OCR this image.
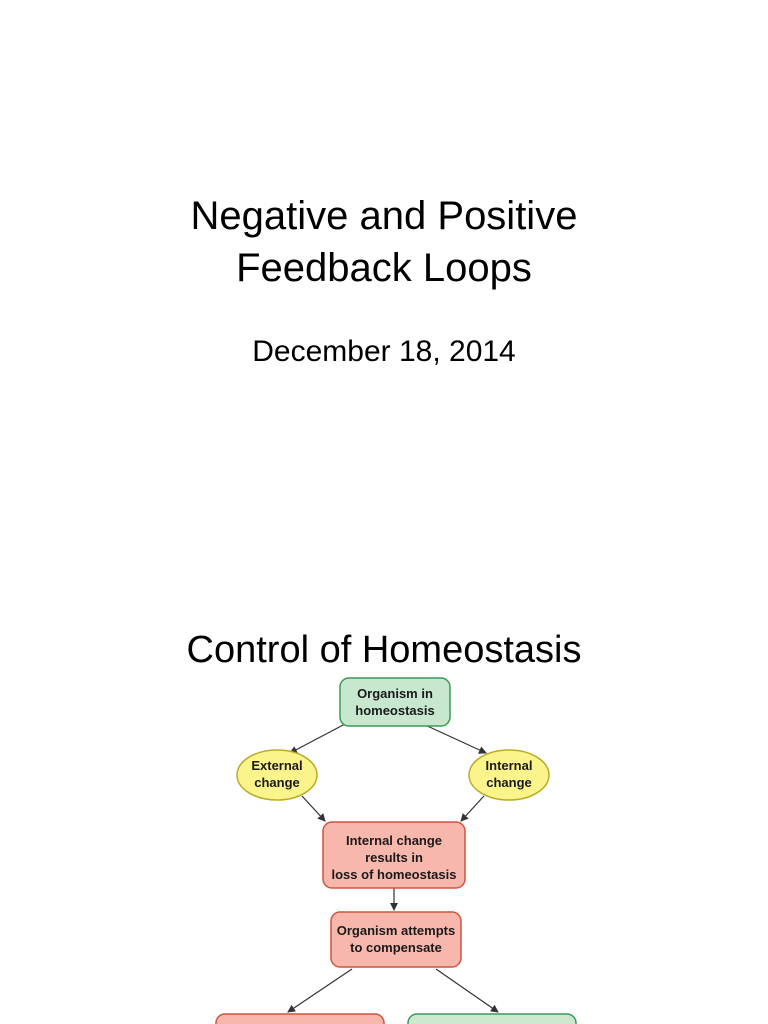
Negative and Positive
Feedback Loops

December 18, 2014

Control of Homeostasis
Organism in
homeostasis
External
change
Internal
change
Internal change
results in
loss of homeostasis
Organism attempts
to compensate
